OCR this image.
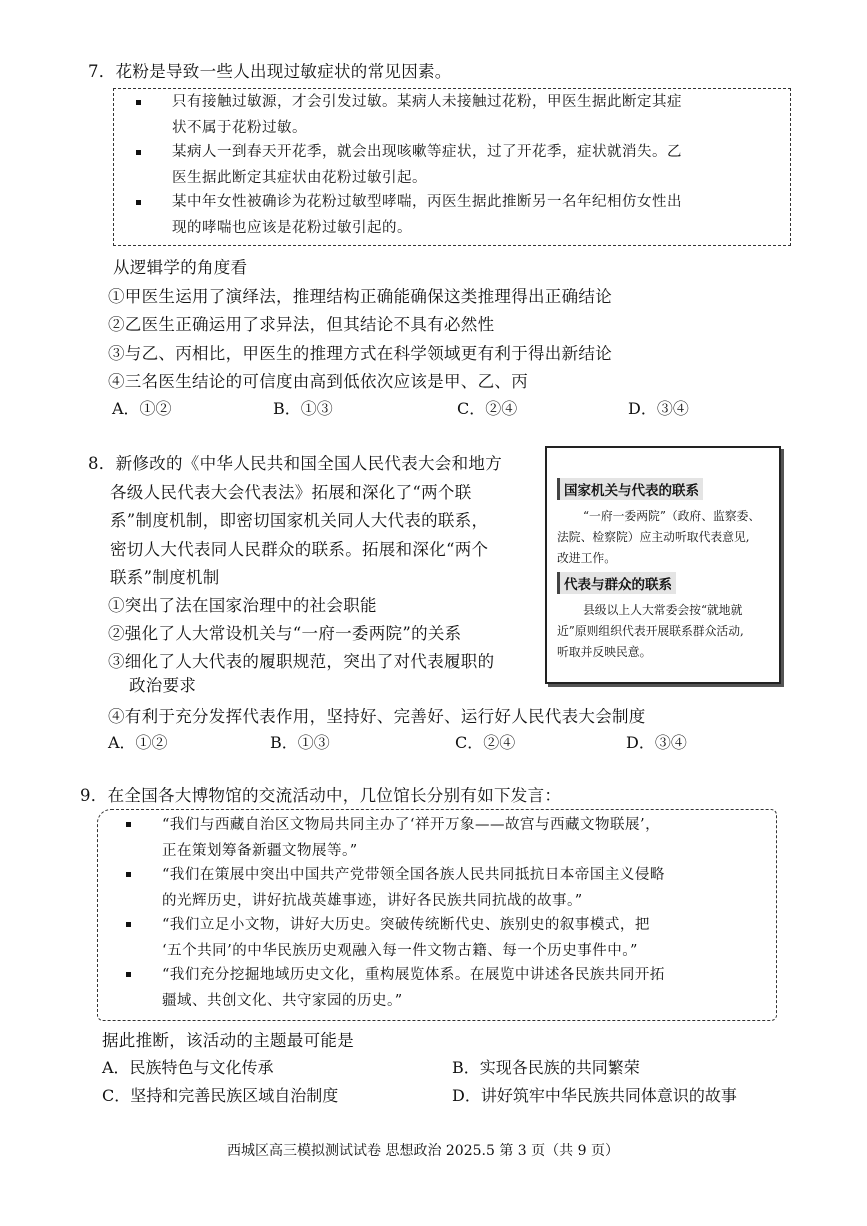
7．花粉是导致一些人出现过敏症状的常见因素。
只有接触过敏源，才会引发过敏。某病人未接触过花粉，甲医生据此断定其症
状不属于花粉过敏。
某病人一到春天开花季，就会出现咳嗽等症状，过了开花季，症状就消失。乙
医生据此断定其症状由花粉过敏引起。
某中年女性被确诊为花粉过敏型哮喘，丙医生据此推断另一名年纪相仿女性出
现的哮喘也应该是花粉过敏引起的。
从逻辑学的角度看
①甲医生运用了演绎法，推理结构正确能确保这类推理得出正确结论
②乙医生正确运用了求异法，但其结论不具有必然性
③与乙、丙相比，甲医生的推理方式在科学领域更有利于得出新结论
④三名医生结论的可信度由高到低依次应该是甲、乙、丙
A．①②	B．①③	C．②④	D．③④
8．新修改的《中华人民共和国全国人民代表大会和地方
各级人民代表大会代表法》拓展和深化了“两个联
系”制度机制，即密切国家机关同人大代表的联系，
密切人大代表同人民群众的联系。拓展和深化“两个
联系”制度机制
①突出了法在国家治理中的社会职能
②强化了人大常设机关与“一府一委两院”的关系
③细化了人大代表的履职规范，突出了对代表履职的
政治要求
④有利于充分发挥代表作用，坚持好、完善好、运行好人民代表大会制度
国家机关与代表的联系
“一府一委两院”（政府、监察委、
法院、检察院）应主动听取代表意见,
改进工作。
代表与群众的联系
县级以上人大常委会按“就地就
近”原则组织代表开展联系群众活动,
听取并反映民意。
A．①②	B．①③	C．②④	D．③④
9．在全国各大博物馆的交流活动中，几位馆长分别有如下发言：
“我们与西藏自治区文物局共同主办了‘祥开万象——故宫与西藏文物联展’，
正在策划筹备新疆文物展等。”
“我们在策展中突出中国共产党带领全国各族人民共同抵抗日本帝国主义侵略
的光辉历史，讲好抗战英雄事迹，讲好各民族共同抗战的故事。”
“我们立足小文物，讲好大历史。突破传统断代史、族别史的叙事模式，把
‘五个共同’的中华民族历史观融入每一件文物古籍、每一个历史事件中。”
“我们充分挖掘地域历史文化，重构展览体系。在展览中讲述各民族共同开拓
疆域、共创文化、共守家园的历史。”
据此推断，该活动的主题最可能是
A．民族特色与文化传承	B．实现各民族的共同繁荣
C．坚持和完善民族区域自治制度	D．讲好筑牢中华民族共同体意识的故事
西城区高三模拟测试试卷 思想政治 2025.5 第 3 页（共 9 页）
